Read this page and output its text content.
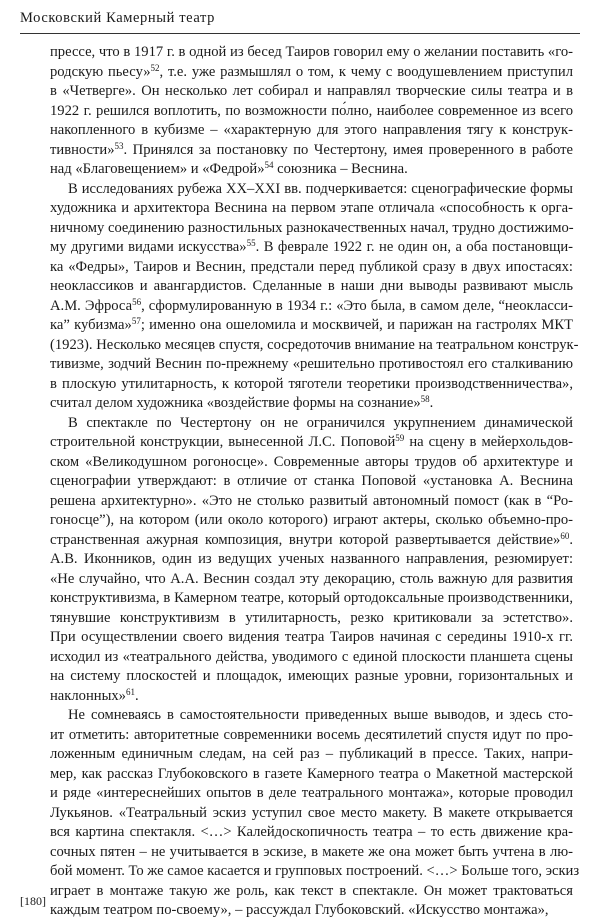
Московский Камерный театр

прессе, что в 1917 г. в одной из бесед Таиров говорил ему о желании поставить «го-
родскую пьесу»$^{52}$, т.е. уже размышлял о том, к чему с воодушевлением приступил
в «Четверге». Он несколько лет собирал и направлял творческие силы театра и в
1922 г. решился воплотить, по возможности по́лно, наиболее современное из всего
накопленного в кубизме – «характерную для этого направления тягу к конструк-
тивности»$^{53}$. Принялся за постановку по Честертону, имея проверенного в работе
над «Благовещением» и «Федрой»$^{54}$ союзника – Веснина.

В исследованиях рубежа XX–XXI вв. подчеркивается: сценографические формы
художника и архитектора Веснина на первом этапе отличала «способность к орга-
ничному соединению разностильных разнокачественных начал, трудно достижимо-
му другими видами искусства»$^{55}$. В феврале 1922 г. не один он, а оба постановщи-
ка «Федры», Таиров и Веснин, предстали перед публикой сразу в двух ипостасях:
неоклассиков и авангардистов. Сделанные в наши дни выводы развивают мысль
А.М. Эфроса$^{56}$, сформулированную в 1934 г.: «Это была, в самом деле, “неокласси-
ка” кубизма»$^{57}$; именно она ошеломила и москвичей, и парижан на гастролях МКТ
(1923). Несколько месяцев спустя, сосредоточив внимание на театральном конструк-
тивизме, зодчий Веснин по-прежнему «решительно противостоял его сталкиванию
в плоскую утилитарность, к которой тяготели теоретики производственничества»,
считал делом художника «воздействие формы на сознание»$^{58}$.

В спектакле по Честертону он не ограничился укрупнением динамической
строительной конструкции, вынесенной Л.С. Поповой$^{59}$ на сцену в мейерхольдов-
ском «Великодушном рогоносце». Современные авторы трудов об архитектуре и
сценографии утверждают: в отличие от станка Поповой «установка А. Веснина
решена архитектурно». «Это не столько развитый автономный помост (как в “Ро-
гоносце”), на котором (или около которого) играют актеры, сколько объемно-про-
странственная ажурная композиция, внутри которой развертывается действие»$^{60}$.
А.В. Иконников, один из ведущих ученых названного направления, резюмирует:
«Не случайно, что А.А. Веснин создал эту декорацию, столь важную для развития
конструктивизма, в Камерном театре, который ортодоксальные производственники,
тянувшие конструктивизм в утилитарность, резко критиковали за эстетство».
При осуществлении своего видения театра Таиров начиная с середины 1910-х гг.
исходил из «театрального действа, уводимого с единой плоскости планшета сцены
на систему плоскостей и площадок, имеющих разные уровни, горизонтальных и
наклонных»$^{61}$.

Не сомневаясь в самостоятельности приведенных выше выводов, и здесь сто-
ит отметить: авторитетные современники восемь десятилетий спустя идут по про-
ложенным единичным следам, на сей раз – публикаций в прессе. Таких, напри-
мер, как рассказ Глубоковского в газете Камерного театра о Макетной мастерской
и ряде «интереснейших опытов в деле театрального монтажа», которые проводил
Лукьянов. «Театральный эскиз уступил свое место макету. В макете открывается
вся картина спектакля. <…> Калейдоскопичность театра – то есть движение кра-
сочных пятен – не учитывается в эскизе, в макете же она может быть учтена в лю-
бой момент. То же самое касается и групповых построений. <…> Больше того, эскиз
играет в монтаже такую же роль, как текст в спектакле. Он может трактоваться
каждым театром по-своему», – рассуждал Глубоковский. «Искусство монтажа»,

[180]
